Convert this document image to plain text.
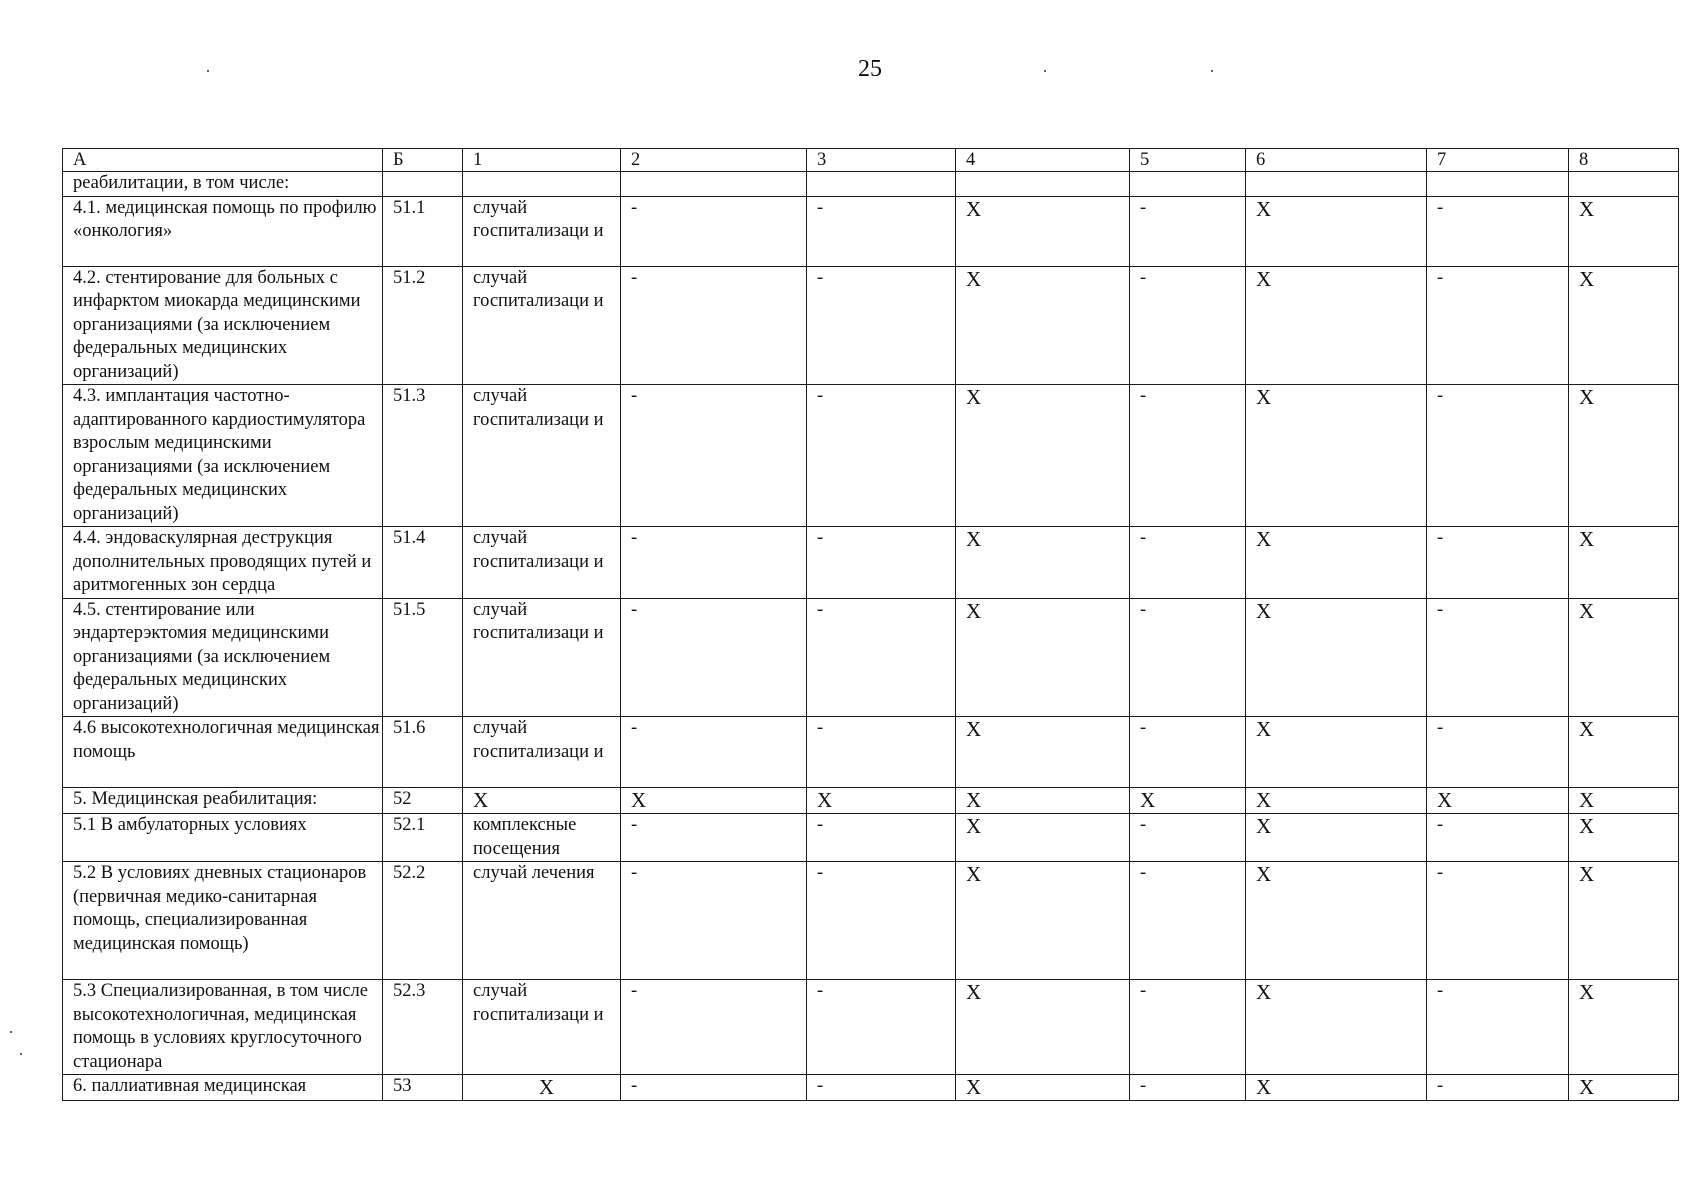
25
А	Б	1	2	3	4	5	6	7	8
реабилитации, в том числе:									
4.1. медицинская помощь по профилю «онкология»	51.1	случай госпитализаци и	-	-	X	-	X	-	X
4.2. стентирование для больных с инфарктом миокарда медицинскими организациями (за исключением федеральных медицинских организаций)	51.2	случай госпитализаци и	-	-	X	-	X	-	X
4.3. имплантация частотно-адаптированного кардиостимулятора взрослым медицинскими организациями (за исключением федеральных медицинских организаций)	51.3	случай госпитализаци и	-	-	X	-	X	-	X
4.4. эндоваскулярная деструкция дополнительных проводящих путей и аритмогенных зон сердца	51.4	случай госпитализаци и	-	-	X	-	X	-	X
4.5. стентирование или эндартерэктомия медицинскими организациями (за исключением федеральных медицинских организаций)	51.5	случай госпитализаци и	-	-	X	-	X	-	X
4.6 высокотехнологичная медицинская помощь	51.6	случай госпитализаци и	-	-	X	-	X	-	X
5. Медицинская реабилитация:	52	X	X	X	X	X	X	X	X
5.1 В амбулаторных условиях	52.1	комплексные посещения	-	-	X	-	X	-	X
5.2 В условиях дневных стационаров (первичная медико-санитарная помощь, специализированная медицинская помощь)	52.2	случай лечения	-	-	X	-	X	-	X
5.3 Специализированная, в том числе высокотехнологичная, медицинская помощь в условиях круглосуточного стационара	52.3	случай госпитализаци и	-	-	X	-	X	-	X
6. паллиативная медицинская	53	X	-	-	X	-	X	-	X
